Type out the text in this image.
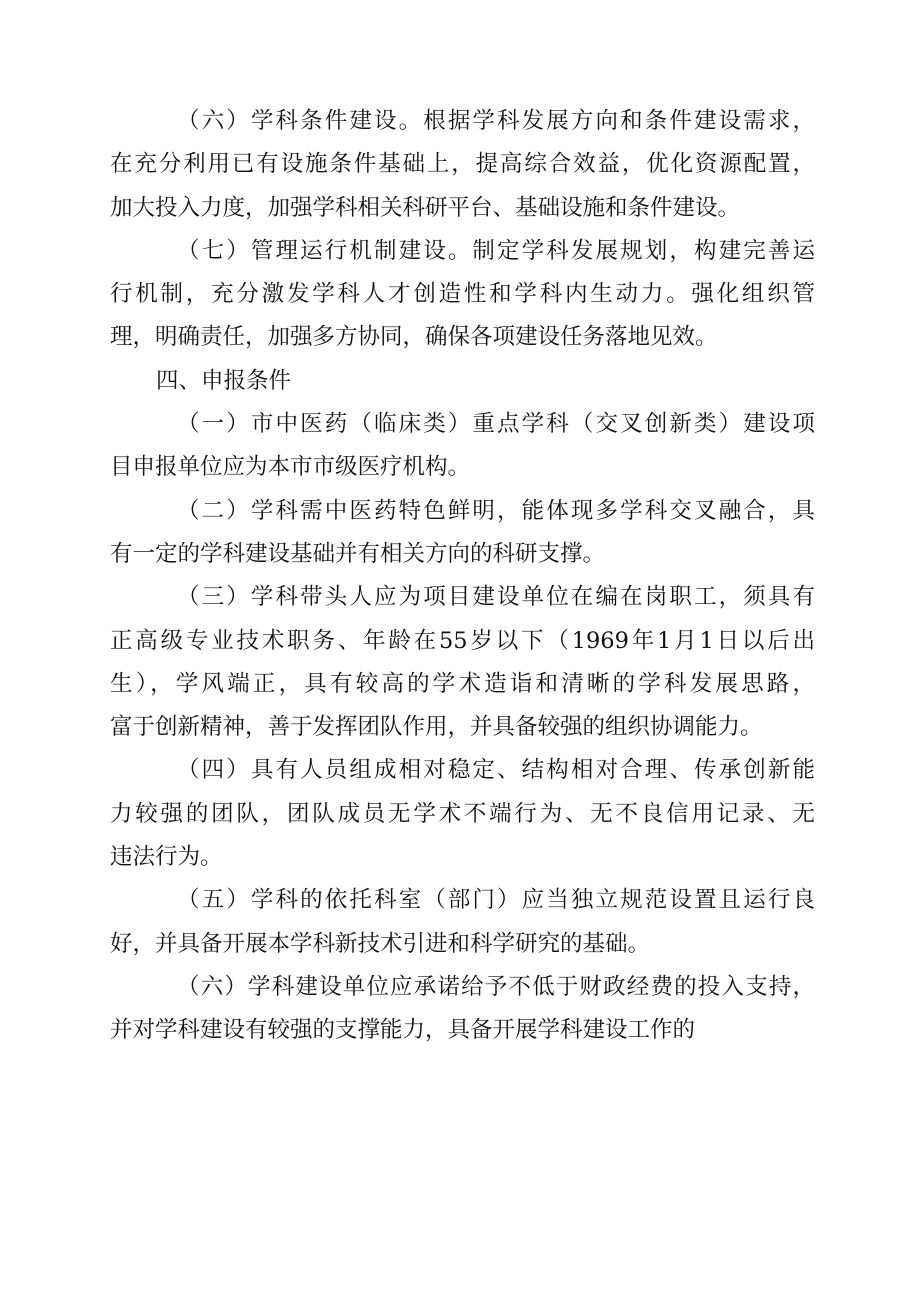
（六）学科条件建设。根据学科发展方向和条件建设需求，
在充分利用已有设施条件基础上，提高综合效益，优化资源配置，
加大投入力度，加强学科相关科研平台、基础设施和条件建设。
（七）管理运行机制建设。制定学科发展规划，构建完善运
行机制，充分激发学科人才创造性和学科内生动力。强化组织管
理，明确责任，加强多方协同，确保各项建设任务落地见效。
四、申报条件
（一）市中医药（临床类）重点学科（交叉创新类）建设项
目申报单位应为本市市级医疗机构。
（二）学科需中医药特色鲜明，能体现多学科交叉融合，具
有一定的学科建设基础并有相关方向的科研支撑。
（三）学科带头人应为项目建设单位在编在岗职工，须具有
正高级专业技术职务、年龄在55岁以下（1969年1月1日以后出
生），学风端正，具有较高的学术造诣和清晰的学科发展思路，
富于创新精神，善于发挥团队作用，并具备较强的组织协调能力。
（四）具有人员组成相对稳定、结构相对合理、传承创新能
力较强的团队，团队成员无学术不端行为、无不良信用记录、无
违法行为。
（五）学科的依托科室（部门）应当独立规范设置且运行良
好，并具备开展本学科新技术引进和科学研究的基础。
（六）学科建设单位应承诺给予不低于财政经费的投入支持，
并对学科建设有较强的支撑能力，具备开展学科建设工作的
